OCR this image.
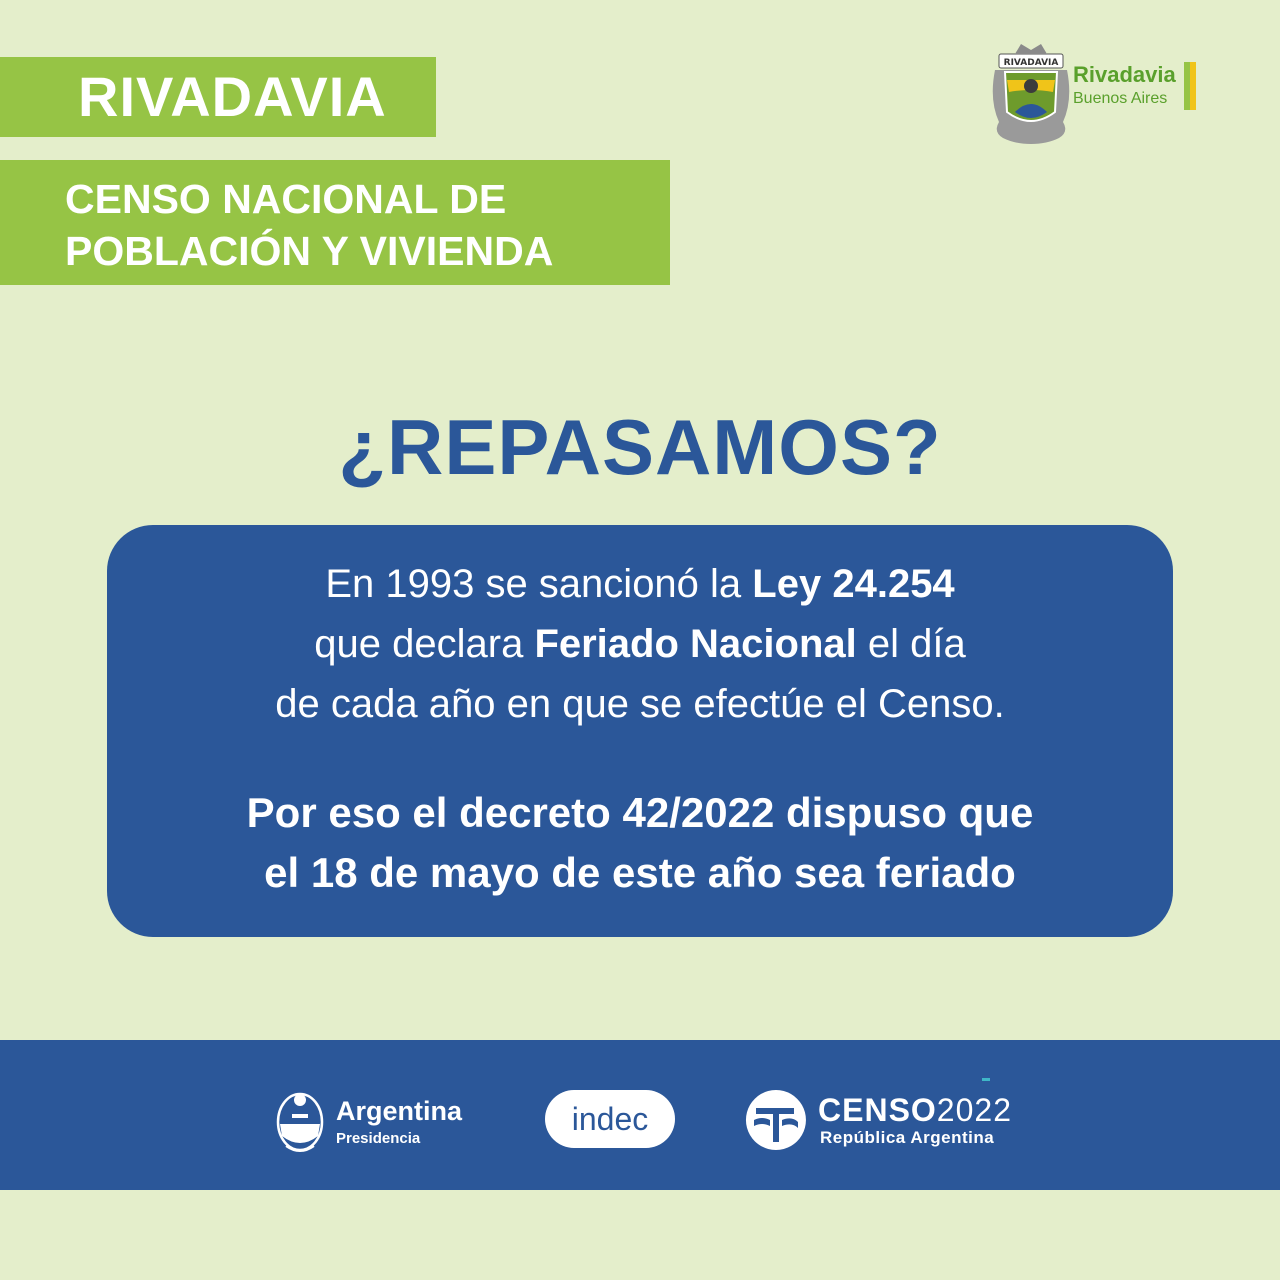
RIVADAVIA
CENSO NACIONAL DE
POBLACIÓN Y VIVIENDA
RIVADAVIA Rivadavia
Buenos Aires
¿REPASAMOS?
En 1993 se sancionó la Ley 24.254
que declara Feriado Nacional el día
de cada año en que se efectúe el Censo.
Por eso el decreto 42/2022 dispuso que
el 18 de mayo de este año sea feriado
Argentina
Presidencia
indec	CENSO2022
República Argentina
